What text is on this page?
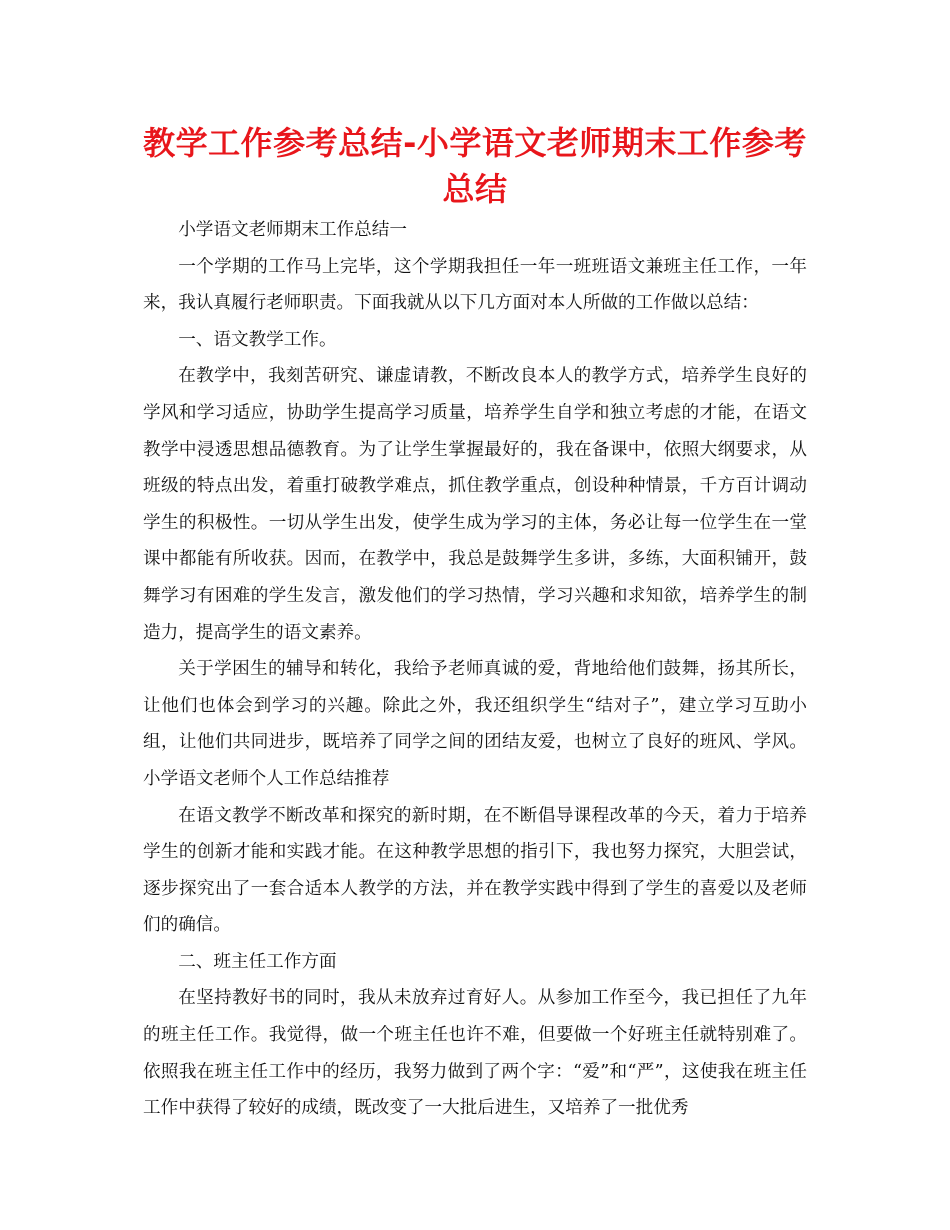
教学工作参考总结-小学语文老师期末工作参考总结

小学语文老师期末工作总结一

一个学期的工作马上完毕，这个学期我担任一年一班班语文兼班主任工作，一年来，我认真履行老师职责。下面我就从以下几方面对本人所做的工作做以总结：

一、语文教学工作。

在教学中，我刻苦研究、谦虚请教，不断改良本人的教学方式，培养学生良好的学风和学习适应，协助学生提高学习质量，培养学生自学和独立考虑的才能，在语文教学中浸透思想品德教育。为了让学生掌握最好的，我在备课中，依照大纲要求，从班级的特点出发，着重打破教学难点，抓住教学重点，创设种种情景，千方百计调动学生的积极性。一切从学生出发，使学生成为学习的主体，务必让每一位学生在一堂课中都能有所收获。因而，在教学中，我总是鼓舞学生多讲，多练，大面积铺开，鼓舞学习有困难的学生发言，激发他们的学习热情，学习兴趣和求知欲，培养学生的制造力，提高学生的语文素养。

关于学困生的辅导和转化，我给予老师真诚的爱，背地给他们鼓舞，扬其所长，让他们也体会到学习的兴趣。除此之外，我还组织学生“结对子”，建立学习互助小组，让他们共同进步，既培养了同学之间的团结友爱，也树立了良好的班风、学风。小学语文老师个人工作总结推荐

在语文教学不断改革和探究的新时期，在不断倡导课程改革的今天，着力于培养学生的创新才能和实践才能。在这种教学思想的指引下，我也努力探究，大胆尝试，逐步探究出了一套合适本人教学的方法，并在教学实践中得到了学生的喜爱以及老师们的确信。

二、班主任工作方面

在坚持教好书的同时，我从未放弃过育好人。从参加工作至今，我已担任了九年的班主任工作。我觉得，做一个班主任也许不难，但要做一个好班主任就特别难了。依照我在班主任工作中的经历，我努力做到了两个字：“爱”和“严”，这使我在班主任工作中获得了较好的成绩，既改变了一大批后进生，又培养了一批优秀
